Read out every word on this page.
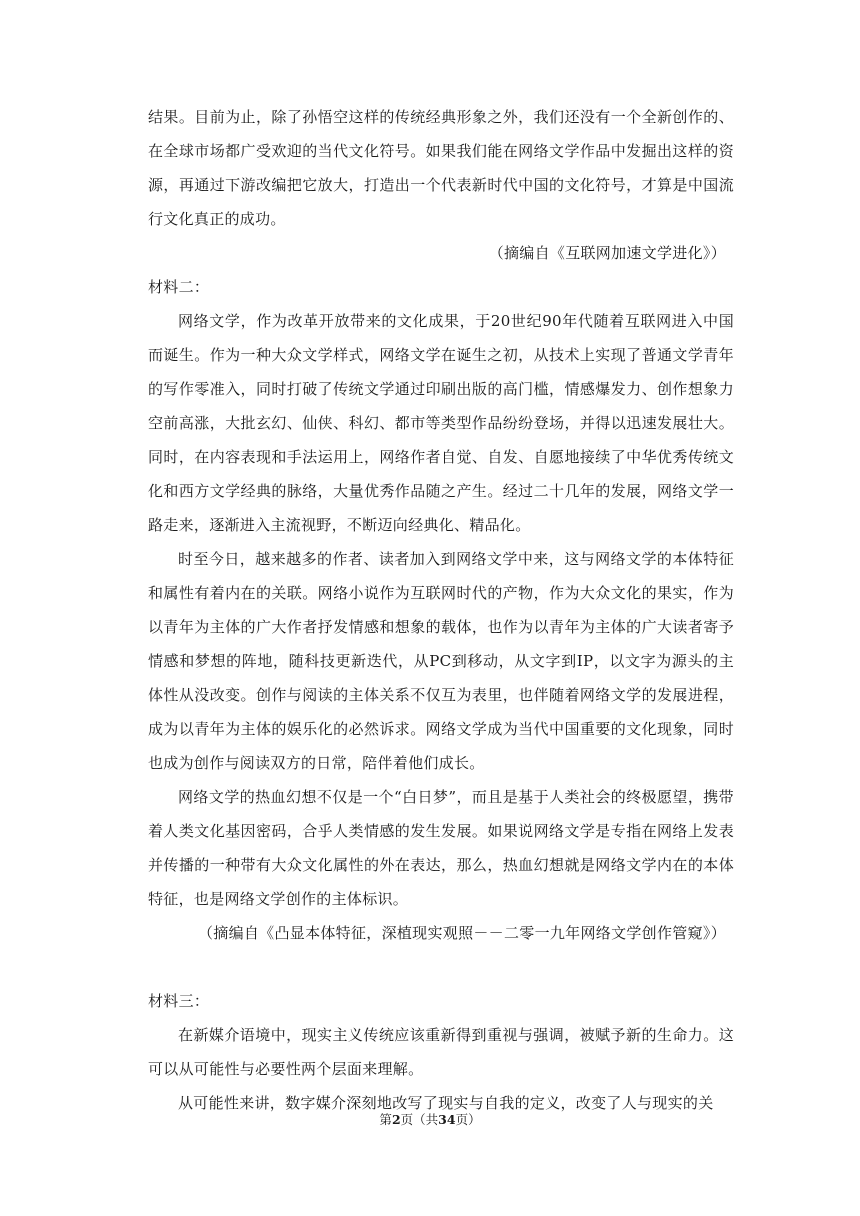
结果。目前为止，除了孙悟空这样的传统经典形象之外，我们还没有一个全新创作的、在全球市场都广受欢迎的当代文化符号。如果我们能在网络文学作品中发掘出这样的资源，再通过下游改编把它放大，打造出一个代表新时代中国的文化符号，才算是中国流行文化真正的成功。

（摘编自《互联网加速文学进化》）

材料二：

网络文学，作为改革开放带来的文化成果，于20世纪90年代随着互联网进入中国而诞生。作为一种大众文学样式，网络文学在诞生之初，从技术上实现了普通文学青年的写作零准入，同时打破了传统文学通过印刷出版的高门槛，情感爆发力、创作想象力空前高涨，大批玄幻、仙侠、科幻、都市等类型作品纷纷登场，并得以迅速发展壮大。同时，在内容表现和手法运用上，网络作者自觉、自发、自愿地接续了中华优秀传统文化和西方文学经典的脉络，大量优秀作品随之产生。经过二十几年的发展，网络文学一路走来，逐渐进入主流视野，不断迈向经典化、精品化。

时至今日，越来越多的作者、读者加入到网络文学中来，这与网络文学的本体特征和属性有着内在的关联。网络小说作为互联网时代的产物，作为大众文化的果实，作为以青年为主体的广大作者抒发情感和想象的载体，也作为以青年为主体的广大读者寄予情感和梦想的阵地，随科技更新迭代，从PC到移动，从文字到IP，以文字为源头的主体性从没改变。创作与阅读的主体关系不仅互为表里，也伴随着网络文学的发展进程，成为以青年为主体的娱乐化的必然诉求。网络文学成为当代中国重要的文化现象，同时也成为创作与阅读双方的日常，陪伴着他们成长。

网络文学的热血幻想不仅是一个“白日梦”，而且是基于人类社会的终极愿望，携带着人类文化基因密码，合乎人类情感的发生发展。如果说网络文学是专指在网络上发表并传播的一种带有大众文化属性的外在表达，那么，热血幻想就是网络文学内在的本体特征，也是网络文学创作的主体标识。

（摘编自《凸显本体特征，深植现实观照－－二零一九年网络文学创作管窥》）

材料三：

在新媒介语境中，现实主义传统应该重新得到重视与强调，被赋予新的生命力。这可以从可能性与必要性两个层面来理解。

从可能性来讲，数字媒介深刻地改写了现实与自我的定义，改变了人与现实的关

第2页（共34页）
